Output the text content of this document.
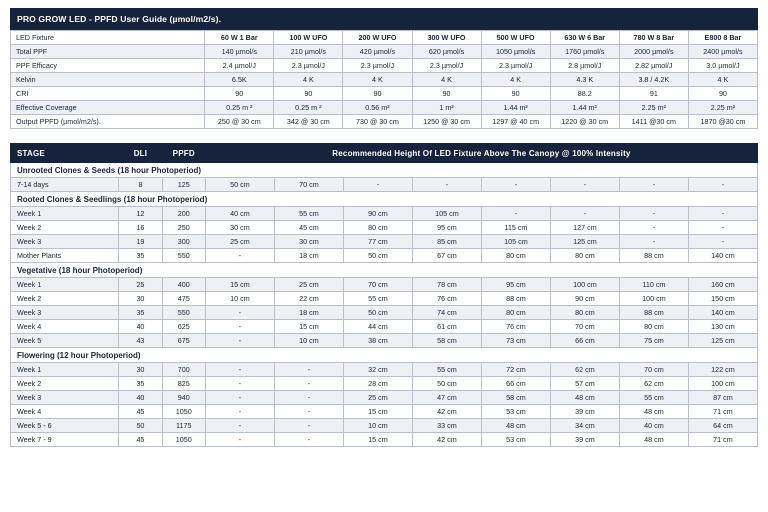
PRO GROW LED - PPFD User Guide (µmol/m2/s).
LED Fixture	60 W 1 Bar	100 W UFO	200 W UFO	300 W UFO	500 W UFO	630 W 6 Bar	780 W 8 Bar	E800 8 Bar
Total PPF	140 µmol/s	210 µmol/s	420 µmol/s	620 µmol/s	1050 µmol/s	1760 µmol/s	2000 µmol/s	2400 µmol/s
PPF Efficacy	2.4 µmol/J	2.3 µmol/J	2.3 µmol/J	2.3 µmol/J	2.3 µmol/J	2.8 µmol/J	2.82 µmol/J	3.0 µmol/J
Kelvin	6.5K	4 K	4 K	4 K	4 K	4.3 K	3.8 / 4.2K	4 K
CRI	90	90	90	90	90	88.2	91	90
Effective Coverage	0.25 m ²	0.25 m ²	0.56 m²	1 m²	1.44 m²	1.44 m²	2.25 m²	2.25 m²
Output PPFD (µmol/m2/s).	250 @ 30 cm	342 @ 30 cm	730 @ 30 cm	1250 @ 30 cm	1297 @ 40 cm	1220 @ 30 cm	1411 @30 cm	1870 @30 cm
STAGE	DLI	PPFD	Recommended Height Of LED Fixture Above The Canopy @ 100% Intensity							
Unrooted Clones & Seeds (18 hour Photoperiod)										
7-14 days	8	125	50 cm	70 cm	-	-	-	-	-	-
Rooted Clones & Seedlings (18 hour Photoperiod)										
Week 1	12	200	40 cm	55 cm	90 cm	105 cm	-	-	-	-
Week 2	16	250	30 cm	45 cm	80 cm	95 cm	115 cm	127 cm	-	-
Week 3	19	300	25 cm	30 cm	77 cm	85 cm	105 cm	125 cm	-	-
Mother Plants	35	550	-	18 cm	50 cm	67 cm	80 cm	80 cm	88 cm	140 cm
Vegetative (18 hour Photoperiod)										
Week 1	25	400	15 cm	25 cm	70 cm	78 cm	95 cm	100 cm	110 cm	160 cm
Week 2	30	475	10 cm	22 cm	55 cm	76 cm	88 cm	90 cm	100 cm	150 cm
Week 3	35	550	-	18 cm	50 cm	74 cm	80 cm	80 cm	88 cm	140 cm
Week 4	40	625	-	15 cm	44 cm	61 cm	76 cm	70 cm	80 cm	130 cm
Week 5	43	675	-	10 cm	38 cm	58 cm	73 cm	66 cm	75 cm	125 cm
Flowering (12 hour Photoperiod)										
Week 1	30	700	-	-	32 cm	55 cm	72 cm	62 cm	70 cm	122 cm
Week 2	35	825	-	-	28 cm	50 cm	66 cm	57 cm	62 cm	100 cm
Week 3	40	940	-	-	25 cm	47 cm	58 cm	48 cm	55 cm	87 cm
Week 4	45	1050	-	-	15 cm	42 cm	53 cm	39 cm	48 cm	71 cm
Week 5 - 6	50	1175	-	-	10 cm	33 cm	48 cm	34 cm	40 cm	64 cm
Week 7 - 9	45	1050	-	-	15 cm	42 cm	53 cm	39 cm	48 cm	71 cm
